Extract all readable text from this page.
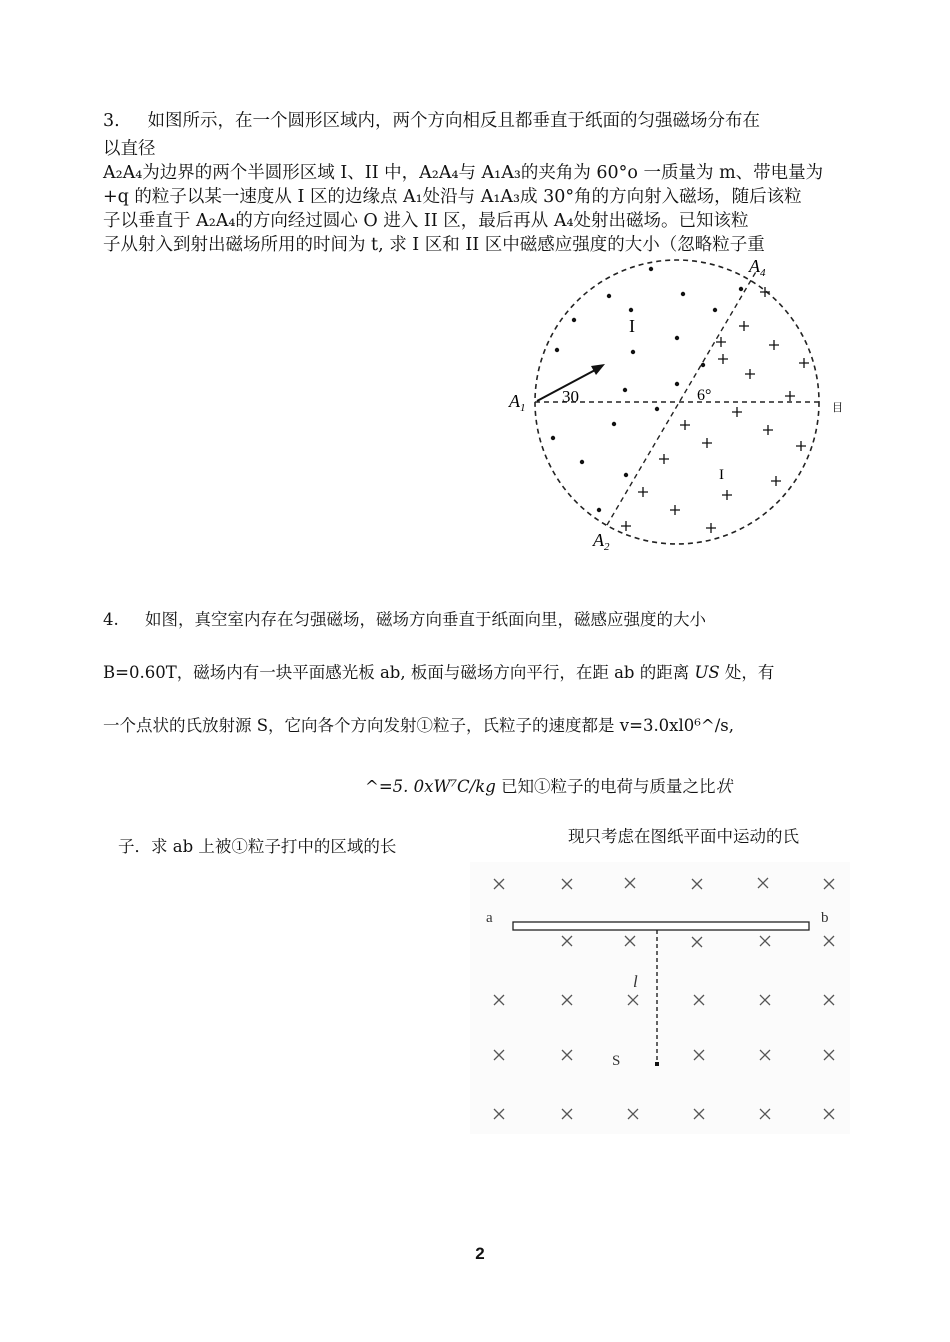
3.     如图所示，在一个圆形区域内，两个方向相反且都垂直于纸面的匀强磁场分布在
以直径
A₂A₄为边界的两个半圆形区域 I、II 中，A₂A₄与 A₁A₃的夹角为 60°o 一质量为 m、带电量为
+q 的粒子以某一速度从 I 区的边缘点 A₁处沿与 A₁A₃成 30°角的方向射入磁场，随后该粒
子以垂直于 A₂A₄的方向经过圆心 O 进入 II 区，最后再从 A₄处射出磁场。已知该粒
子从射入到射出磁场所用的时间为 t, 求 I 区和 II 区中磁感应强度的大小（忽略粒子重
$A_1$
$A_4$
$A_2$
I
I
30	6°
目
4.     如图，真空室内存在匀强磁场，磁场方向垂直于纸面向里，磁感应强度的大小
B=0.60T，磁场内有一块平面感光板 ab, 板面与磁场方向平行，在距 ab 的距离 US 处，有
一个点状的氏放射源 S，它向各个方向发射①粒子，氏粒子的速度都是 v=3.0xl0⁶^/s,
^=5. 0xW⁷C/kg 已知①粒子的电荷与质量之比状
子．求 ab 上被①粒子打中的区域的长
现只考虑在图纸平面中运动的氏
a	b
l
S
2
